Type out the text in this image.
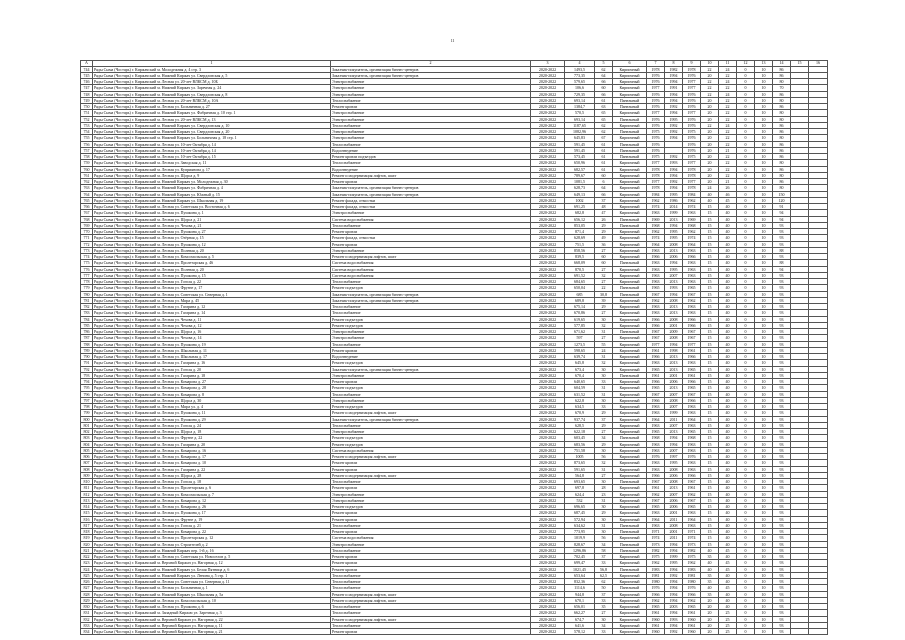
11
А	1	2	3	4	5	6	7	8	9	10	11	12	13	14	15	16
744	Ряды Сыма (Чостарь) г. Киржачский м. Молодежная д. 4 стр. 3	Заказчик-покупатель, организация бизнес-центров	2020-2022	1493,5	62	Кирпичный	1978	1982	1978	22	24	0	10	86		
745	Ряды Сыма (Чостарь) г. Киржачский м. Нижний Киржач ул. Свердловская д. 5	Заказчик-покупатель, организация бизнес-центров	2020-2022	773,35	64	Кирпичный	1976	1994	1976	20	22	0	10	86		
746	Ряды Сыма (Чостарь) г. Киржачский м. Лесная ул. 20-лет ВЛКСМ д. 10Б	Электроснабжение	2020-2022	579,65	66	Кирпичный	1976	1994	1977	22	24	0	10	80		
747	Ряды Сыма (Чостарь) г. Киржачский м. Нижний Киржач ул. Заречная д. 24	Электроснабжение	2020-2022	106,6	60	Кирпичный	1977	1991	1977	22	22	0	10	70		
748	Ряды Сыма (Чостарь) г. Киржачский м. Нижний Киржач ул. Свердловская д. 8	Электроснабжение	2020-2022	729,35	66	Кирпичный	1976	1994	1976	22	24	0	10	86		
749	Ряды Сыма (Чостарь) г. Киржачский м. Лесная ул. 20-лет ВЛКСМ д. 10А	Теплоснабжение	2020-2022	693,14	61	Панельный	1976	1994	1976	20	22	0	10	80		
750	Ряды Сыма (Чостарь) г. Киржачский м. Лесная ул. Больничная д. 27	Ремонт кровли	2020-2022	1384,7	63	Панельный	1976	1992	1976	20	22	0	10	86		
751	Ряды Сыма (Чостарь) г. Киржачский м. Нижний Киржач ул. Фабричная д. 10 стр. 1	Электроснабжение	2020-2022	570,5	65	Кирпичный	1977	1994	1977	20	22	0	10	80		
752	Ряды Сыма (Чостарь) г. Киржачский м. Лесная ул. 20-лет ВЛКСМ д. 13	Электроснабжение	2020-2022	693,14	65	Панельный	1976	1995	1976	20	22	0	10	80		
753	Ряды Сыма (Чостарь) г. Киржачский м. Нижний Киржач ул. Свердловская д. 10	Теплоснабжение	2020-2022	1187,65	62	Кирпичный	1976	1992	1976	22	24	0	10	86		
754	Ряды Сыма (Чостарь) г. Киржачский м. Нижний Киржач ул. Свердловская д. 20	Электроснабжение	2020-2022	1082,96	62	Панельный	1975	1992	1975	20	22	0	10	86		
755	Ряды Сыма (Чостарь) г. Киржачский м. Нижний Киржач ул. Больничная д. 18 стр. 1	Электроснабжение	2020-2022	645,83	67	Кирпичный	1976	1994	1976	20	22	0	10	80		
756	Ряды Сыма (Чостарь) г. Киржачский м. Лесная ул. 10-лет Октября д. 14	Теплоснабжение	2020-2022	591,45	61	Панельный	1976		1976	20	22	0	10	86		
757	Ряды Сыма (Чостарь) г. Киржачский м. Лесная ул. 10-лет Октября д. 14	Водоотведение	2020-2022	591,45	61	Панельный	1976		1976	20	21	0	10	86		
758	Ряды Сыма (Чостарь) г. Киржачский м. Лесная ул. 10-лет Октября д. 15	Ремонт кровли подъездов	2020-2022	573,45	61	Панельный	1975	1992	1975	20	22	0	10	86		
759	Ряды Сыма (Чостарь) г. Киржачский м. Лесная ул. Заводская д. 11	Теплоснабжение	2020-2022	650,96	61	Кирпичный	1977	1993	1977	20	22	0	10	80		
760	Ряды Сыма (Чостарь) г. Киржачский м. Лесная ул. Куприянова д. 17	Водоотведение	2020-2022	682,57	61	Кирпичный	1978	1994	1978	20	22	0	10	86		
761	Ряды Сыма (Чостарь) г. Киржачский м. Лесная ул. Щорса д. 9	Ремонт и модернизация лифтов, шахт	2020-2022	789,67	60	Кирпичный	1978	1994	1978	20	22	0	10	80		
762	Ряды Сыма (Чостарь) г. Киржачский м. Нижний Киржач ул. Молодежная д. 30	Ремонт кровли	2020-2022	1081,5	6	Кирпичный	1977	1992	1977	20	21	0	10	86		
763	Ряды Сыма (Чостарь) г. Киржачский м. Нижний Киржач ул. Фабричная д. 4	Заказчик-покупатель, организация бизнес-центров	2020-2022	628,73	64	Кирпичный	1978	1994	1978	24	26	0	10	80		
764	Ряды Сыма (Чостарь) г. Киржачский м. Нижний Киржач ул. Южный д. 15	Заказчик-покупатель, организация бизнес-центров	2020-2022	649,13	66	Кирпичный	1984	1995	1984	40	46	0	10	150		
765	Ряды Сыма (Чостарь) г. Киржачский м. Нижний Киржач ул. Школьная д. 19	Ремонт фасада, отмостки	2020-2022	1002	37	Кирпичный	1962	1986	1962	40	45	0	10	120		
766	Ряды Сыма (Чостарь) г. Киржачский м. Лесная ул. Советская ул. Восточная д. 6	Ремонт фасада, отмостки	2020-2022	691,25	48	Кирпичный	1974	2014	1974	15	40	0	10	91		
767	Ряды Сыма (Чостарь) г. Киржачский м. Лесная ул. Пушкина д. 1	Электроснабжение	2020-2022	682,8	47	Кирпичный	1963	1999	1963	15	40	0	10	94		
768	Ряды Сыма (Чостарь) г. Киржачский м. Лесная ул. Щорса д. 21	Система водоснабжения	2020-2022	656,12	26	Панельный	1969	2013	1969	15	40	0	10	94		
769	Ряды Сыма (Чостарь) г. Киржачский м. Лесная ул. Чехова д. 21	Теплоснабжение	2020-2022	853,05	29	Панельный	1968	1994	1968	15	40	0	10	93		
770	Ряды Сыма (Чостарь) г. Киржачский м. Лесная ул. Пушкина д. 27	Ремонт кровли	2020-2022	871,4	29	Кирпичный	1962	1995	1962	15	40	0	10	93		
771	Ряды Сыма (Чостарь) г. Киржачский м. Лесная ул. Озёрная д. 15	Ремонт фасада, отмостки	2020-2022	628,69	49	Кирпичный	1974	1995	1974	15	40	0	10	93		
772	Ряды Сыма (Чостарь) г. Киржачский м. Лесная ул. Пушкина д. 12	Ремонт кровли	2020-2022	751,5	36	Кирпичный	1964	2008	1964	15	40	0	10	93		
773	Ряды Сыма (Чостарь) г. Киржачский м. Лесная ул. Полевая д. 20	Электроснабжение	2020-2022	858,56	27	Кирпичный	1963	2013	1963	15	40	0	10	88		
774	Ряды Сыма (Чостарь) г. Киржачский м. Лесная ул. Комсомольская д. 5	Ремонт и модернизация лифтов, шахт	2020-2022	839,5	60	Кирпичный	1966	2006	1966	15	40	0	10	93		
775	Ряды Сыма (Чостарь) г. Киржачский м. Лесная ул. Пролетарская д. 46	Система водоснабжения	2020-2022	668,09	60	Панельный	1963	1994	1963	15	40	0	10	88		
776	Ряды Сыма (Чостарь) г. Киржачский м. Лесная ул. Полевая д. 20	Система водоснабжения	2020-2022	870,5	27	Кирпичный	1963	1995	1963	15	40	0	10	94		
777	Ряды Сыма (Чостарь) г. Киржачский м. Лесная ул. Пушкина д. 15	Система водоснабжения	2020-2022	691,52	32	Кирпичный	1963	2007	1963	15	40	0	10	93		
778	Ряды Сыма (Чостарь) г. Киржачский м. Лесная ул. Гоголя д. 22	Теплоснабжение	2020-2022	684,65	27	Кирпичный	1963	2013	1963	15	40	0	10	93		
779	Ряды Сыма (Чостарь) г. Киржачский м. Лесная ул. Фрунзе д. 17	Ремонт подъездов	2020-2022	650,04	22	Панельный	1965	1993	1965	15	40	0	10	93		
780	Ряды Сыма (Чостарь) г. Киржачский м. Лесная ул. Советская ул. Северная д. 1	Заказчик-покупатель, организация бизнес-центров	2020-2022	685	30,8	Панельный	1967	1994	1967	15	40	0	10	93		
781	Ряды Сыма (Чостарь) г. Киржачский м. Лесная ул. Мира д. 45	Заказчик-покупатель, организация бизнес-центров	2020-2022	689,8	39	Кирпичный	1962	2008	1962	15	40	0	10	93		
782	Ряды Сыма (Чостарь) г. Киржачский м. Лесная ул. Гагарина д. 12	Теплоснабжение	2020-2022	675,14	29	Кирпичный	1963	2013	1963	15	40	0	10	93		
783	Ряды Сыма (Чостарь) г. Киржачский м. Лесная ул. Гагарина д. 14	Теплоснабжение	2020-2022	670,86	27	Кирпичный	1963	2013	1963	15	40	0	10	93		
784	Ряды Сыма (Чостарь) г. Киржачский м. Лесная ул. Чехова д. 11	Ремонт подъездов	2020-2022	619,65	30	Кирпичный	1966	2008	1966	15	40	0	10	93		
785	Ряды Сыма (Чостарь) г. Киржачский м. Лесная ул. Чехова д. 12	Ремонт подъездов	2020-2022	577,85	32	Кирпичный	1966	2001	1966	15	40	0	10	93		
786	Ряды Сыма (Чостарь) г. Киржачский м. Лесная ул. Щорса д. 16	Электроснабжение	2020-2022	671,62	31	Панельный	1967	2009	1967	15	40	0	10	93		
787	Ряды Сыма (Чостарь) г. Киржачский м. Лесная ул. Чехова д. 14	Электроснабжение	2020-2022	597	27	Кирпичный	1967	2008	1967	15	40	0	10	93		
788	Ряды Сыма (Чостарь) г. Киржачский м. Лесная ул. Пушкина д. 19	Теплоснабжение	2020-2022	1273,5	55	Кирпичный	1977	1994	1977	15	40	0	10	93		
789	Ряды Сыма (Чостарь) г. Киржачский м. Лесная ул. Школьная д. 11	Ремонт кровли	2020-2022	598,65	24	Кирпичный	1961	1998	1961	15	40	0	10	93		
790	Ряды Сыма (Чостарь) г. Киржачский м. Лесная ул. Школьная д. 17	Водоотведение	2020-2022	639,74	31	Кирпичный	1966	2013	1966	15	40	0	10	93		
791	Ряды Сыма (Чостарь) г. Киржачский м. Лесная ул. Гагарина д. 16	Ремонт подъездов	2020-2022	645,8	32	Кирпичный	1963	2013	1963	15	40	0	10	93		
792	Ряды Сыма (Чостарь) г. Киржачский м. Лесная ул. Гоголя д. 20	Заказчик-покупатель, организация бизнес-центров	2020-2022	673,4	30	Кирпичный	1965	2013	1965	15	40	0	10	93		
793	Ряды Сыма (Чостарь) г. Киржачский м. Лесная ул. Гагарина д. 18	Электроснабжение	2020-2022	670,4	30	Панельный	1961	2001	1961	15	40	0	10	93		
794	Ряды Сыма (Чостарь) г. Киржачский м. Лесная ул. Комарова д. 27	Ремонт кровли	2020-2022	640,65	33	Кирпичный	1966	2006	1966	15	40	0	10	93		
795	Ряды Сыма (Чостарь) г. Киржачский м. Лесная ул. Комарова д. 28	Ремонт подъездов	2020-2022	604,59	31	Кирпичный	1965	2013	1965	15	40	0	10	93		
796	Ряды Сыма (Чостарь) г. Киржачский м. Лесная ул. Комарова д. 8	Теплоснабжение	2020-2022	631,52	31	Кирпичный	1967	2007	1967	15	40	0	10	93		
797	Ряды Сыма (Чостарь) г. Киржачский м. Лесная ул. Щорса д. 30	Электроснабжение	2020-2022	622,8	30	Кирпичный	1966	2008	1966	15	40	0	10	93		
798	Ряды Сыма (Чостарь) г. Киржачский м. Лесная ул. Мира ул. д. 4	Ремонт подъездов	2020-2022	634,5	33	Кирпичный	1963	2007	1963	15	40	0	10	93		
799	Ряды Сыма (Чостарь) г. Киржачский м. Лесная ул. Пушкина д. 11	Ремонт и модернизация лифтов, шахт	2020-2022	670,9	29	Кирпичный	1963	1999	1963	15	40	0	10	93		
800	Ряды Сыма (Чостарь) г. Киржачский м. Лесная ул. Пушкина д. 29	Заказчик-покупатель, организация бизнес-центров	2020-2022	937,74	37	Кирпичный	1964	2011	1964	15	40	0	10	93		
801	Ряды Сыма (Чостарь) г. Киржачский м. Лесная ул. Гоголя д. 24	Теплоснабжение	2020-2022	628,5	29	Кирпичный	1963	2007	1963	15	40	0	10	93		
802	Ряды Сыма (Чостарь) г. Киржачский м. Лесная ул. Щорса д. 18	Электроснабжение	2020-2022	622,18	27	Кирпичный	1965	2013	1965	15	40	0	10	93		
803	Ряды Сыма (Чостарь) г. Киржачский м. Лесная ул. Фрунзе д. 22	Ремонт подъездов	2020-2022	603,45	34	Панельный	1968	1994	1968	15	40	0	10	93		
804	Ряды Сыма (Чостарь) г. Киржачский м. Лесная ул. Гагарина д. 20	Ремонт подъездов	2020-2022	683,56	29	Кирпичный	1963	1994	1963	15	40	0	10	93		
805	Ряды Сыма (Чостарь) г. Киржачский м. Лесная ул. Комарова д. 16	Система водоснабжения	2020-2022	751,58	30	Кирпичный	1963	2007	1963	15	40	0	10	93		
806	Ряды Сыма (Чостарь) г. Киржачский м. Лесная ул. Комарова д. 17	Ремонт и модернизация лифтов, шахт	2020-2022	1005	56	Кирпичный	1976	1997	1976	15	40	0	10	93		
807	Ряды Сыма (Чостарь) г. Киржачский м. Лесная ул. Комарова д. 10	Ремонт кровли	2020-2022	873,65	32	Кирпичный	1963	1995	1963	15	40	0	10	93		
808	Ряды Сыма (Чостарь) г. Киржачский м. Лесная ул. Гагарина д. 22	Ремонт кровли	2020-2022	591,65	31	Кирпичный	1963	2008	1963	15	40	0	10	93		
809	Ряды Сыма (Чостарь) г. Киржачский м. Лесная ул. Щорса д. 28	Ремонт и модернизация лифтов, шахт	2020-2022	564,8	27	Кирпичный	1966	2006	1966	15	40	0	10	93		
810	Ряды Сыма (Чостарь) г. Киржачский м. Лесная ул. Гоголя д. 18	Теплоснабжение	2020-2022	693,65	30	Панельный	1967	2008	1967	15	40	0	10	93		
811	Ряды Сыма (Чостарь) г. Киржачский м. Лесная ул. Пролетарская д. 6	Ремонт кровли	2020-2022	697,8	28	Кирпичный	1961	2013	1961	15	40	0	10	93		
812	Ряды Сыма (Чостарь) г. Киржачский м. Лесная ул. Комсомольская д. 7	Электроснабжение	2020-2022	624,4	23	Кирпичный	1962	2007	1962	15	40	0	10	93		
813	Ряды Сыма (Чостарь) г. Киржачский м. Лесная ул. Комарова д. 12	Электроснабжение	2020-2022	532	31	Кирпичный	1967	2006	1967	15	40	0	10	93		
814	Ряды Сыма (Чостарь) г. Киржачский м. Лесная ул. Комарова д. 26	Ремонт подъездов	2020-2022	696,65	30	Кирпичный	1965	2006	1965	15	40	0	10	93		
815	Ряды Сыма (Чостарь) г. Киржачский м. Лесная ул. Пушкина д. 17	Ремонт кровли	2020-2022	687,45	29	Кирпичный	1963	2001	1963	15	40	0	10	93		
816	Ряды Сыма (Чостарь) г. Киржачский м. Лесная ул. Фрунзе д. 19	Ремонт кровли	2020-2022	572,94	30	Кирпичный	1964	2011	1964	15	40	0	10	93		
817	Ряды Сыма (Чостарь) г. Киржачский м. Лесная ул. Гоголя д. 21	Теплоснабжение	2020-2022	634,62	31	Панельный	1963	2008	1963	15	40	0	10	93		
818	Ряды Сыма (Чостарь) г. Киржачский м. Лесная ул. Комарова д. 22	Ремонт кровли	2020-2022	773,95	30	Панельный	1971	2001	1971	15	40	0	10	93		
819	Ряды Сыма (Чостарь) г. Киржачский м. Лесная ул. Пролетарская д. 12	Система водоснабжения	2020-2022	1019,9	56	Кирпичный	1974	2011	1974	15	40	0	10	93		
820	Ряды Сыма (Чостарь) г. Киржачский м. Лесная ул. Строителей д. 2	Электроснабжение	2020-2022	828,67	34	Панельный	1973	1994	1973	15	40	0	10	93		
821	Ряды Сыма (Чостарь) г. Киржачский м. Нижний Киржач пер. 1-й д. 16	Теплоснабжение	2020-2022	1296,86	58	Панельный	1982	1994	1982	40	45	0	10	93		
822	Ряды Сыма (Чостарь) г. Киржачский м. Лесная ул. Советская ул. Новоселов д. 5	Ремонт кровли	2020-2022	702,45	37	Кирпичный	1975	1999	1975	35	40	0	10	93		
823	Ряды Сыма (Чостарь) г. Киржачский м. Верхний Киржач ул. Нагорная д. 12	Ремонт кровли	2020-2022	699,47	33	Кирпичный	1962	1995	1962	40	45	0	10	93		
824	Ряды Сыма (Чостарь) г. Киржачский м. Нижний Киржач ул. Белая Пятница д. 6	Ремонт кровли	2020-2022	1021,45	56,8	Панельный	1983	1994	1983	40	45	0	10	93		
825	Ряды Сыма (Чостарь) г. Киржачский м. Нижний Киржач ул. Ленина д. 5 стр. 1	Теплоснабжение	2020-2022	653,64	62,5	Кирпичный	1981	1992	1981	35	40	0	10	93		
826	Ряды Сыма (Чостарь) г. Киржачский м. Лесная ул. Советская ул. Северная д. 11	Теплоснабжение	2020-2022	832,36	62	Кирпичный	1980	1994	1980	35	40	0	10	93		
827	Ряды Сыма (Чостарь) г. Киржачский м. Лесная ул. Больничная д. 1	Теплоснабжение	2020-2022	1114,6	50	Панельный	1976	1994	1976	40	45	0	10	93		
828	Ряды Сыма (Чостарь) г. Киржачский м. Нижний Киржач ул. Школьная д. 5а	Ремонт и модернизация лифтов, шахт	2020-2022	944,8	37	Кирпичный	1966	1994	1966	35	40	0	10	93		
829	Ряды Сыма (Чостарь) г. Киржачский м. Лесная ул. Комсомольская д. 10	Ремонт и модернизация лифтов, шахт	2020-2022	670,1	33	Кирпичный	1962	1994	1962	20	40	0	10	93		
830	Ряды Сыма (Чостарь) г. Киржачский м. Лесная ул. Пушкина д. 6	Теплоснабжение	2020-2022	656,01	35	Кирпичный	1965	2003	1965	20	40	0	10	93		
831	Ряды Сыма (Чостарь) г. Киржачский м. Западный Киржач ул. Заречная д. 3	Теплоснабжение	2020-2022	662,27	27	Кирпичный	1961	1994	1961	20	25	0	10	93		
832	Ряды Сыма (Чостарь) г. Киржачский м. Верхний Киржач ул. Нагорная д. 22	Ремонт и модернизация лифтов, шахт	2020-2022	674,7	30	Кирпичный	1960	1993	1960	20	25	0	10	93		
833	Ряды Сыма (Чостарь) г. Киржачский м. Верхний Киржач ул. Нагорная д. 11	Теплоснабжение	2020-2022	641,6	34	Кирпичный	1961	1994	1961	20	25	0	10	93		
834	Ряды Сыма (Чостарь) г. Киржачский м. Верхний Киржач ул. Нагорная д. 21	Ремонт кровли	2020-2022	578,12	33	Кирпичный	1960	1992	1960	20	25	0	10	93		
